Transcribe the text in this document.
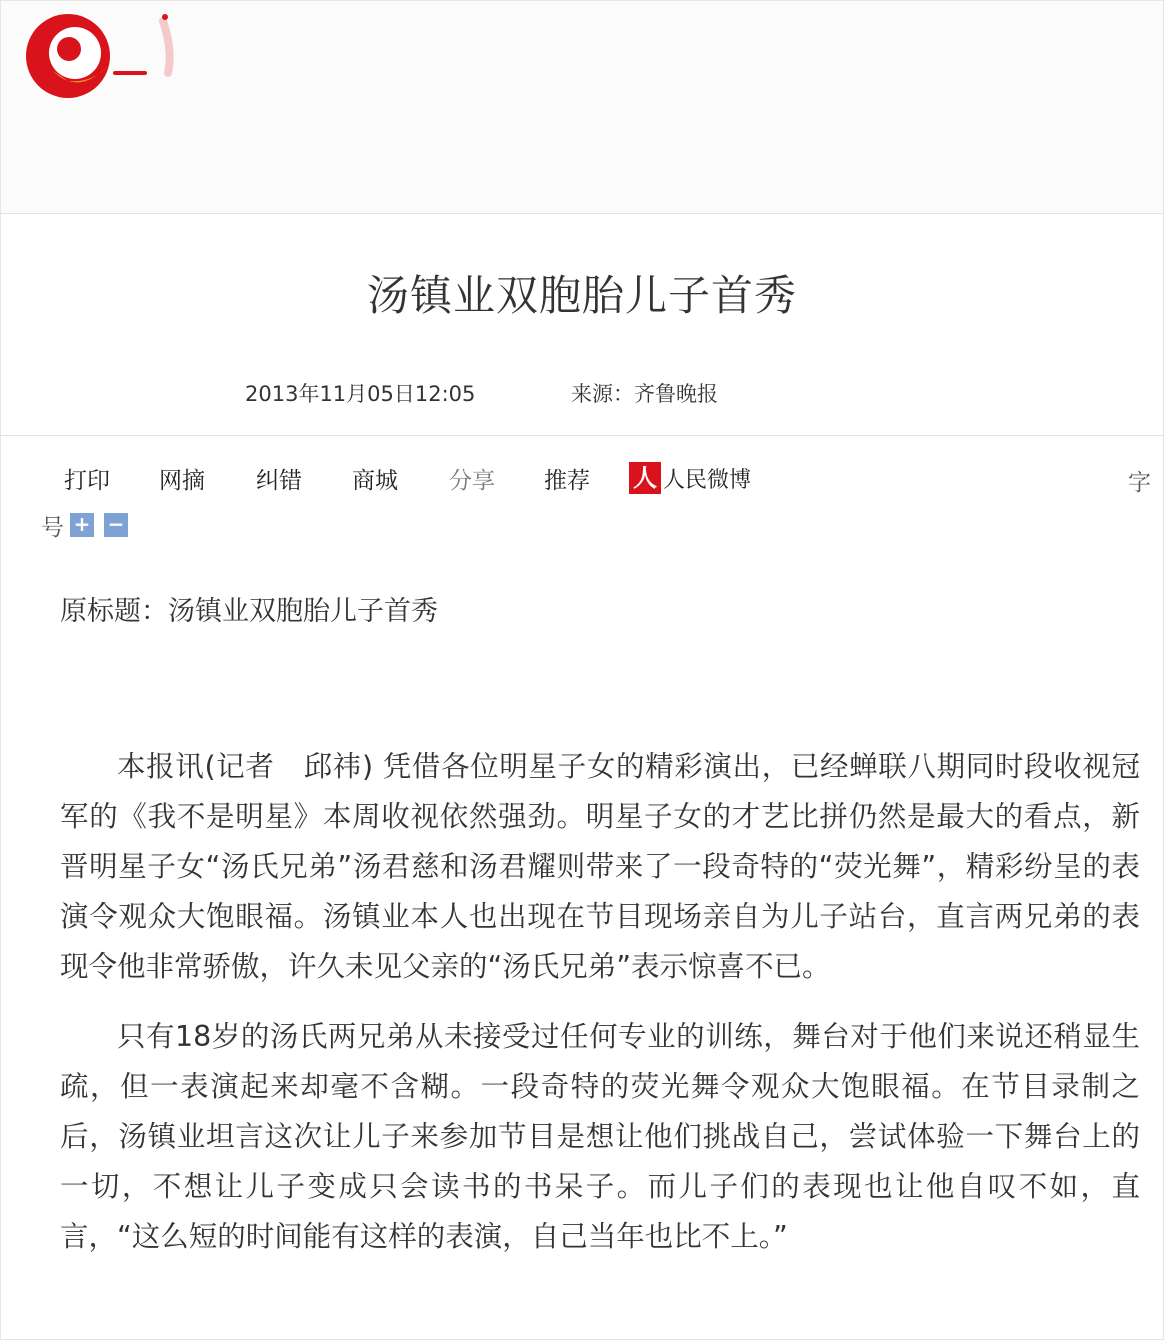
汤镇业双胞胎儿子首秀
2013年11月05日12:05	来源：齐鲁晚报
打印 网摘 纠错 商城 分享 推荐 人 人民微博	字
号 + −
原标题：汤镇业双胞胎儿子首秀

本报讯(记者　邱祎) 凭借各位明星子女的精彩演出，已经蝉联八期同时段收视冠军的《我不是明星》本周收视依然强劲。明星子女的才艺比拼仍然是最大的看点，新晋明星子女“汤氏兄弟”汤君慈和汤君耀则带来了一段奇特的“荧光舞”，精彩纷呈的表演令观众大饱眼福。汤镇业本人也出现在节目现场亲自为儿子站台，直言两兄弟的表现令他非常骄傲，许久未见父亲的“汤氏兄弟”表示惊喜不已。

只有18岁的汤氏两兄弟从未接受过任何专业的训练，舞台对于他们来说还稍显生疏，但一表演起来却毫不含糊。一段奇特的荧光舞令观众大饱眼福。在节目录制之后，汤镇业坦言这次让儿子来参加节目是想让他们挑战自己，尝试体验一下舞台上的一切，不想让儿子变成只会读书的书呆子。而儿子们的表现也让他自叹不如，直言，“这么短的时间能有这样的表演，自己当年也比不上。”
